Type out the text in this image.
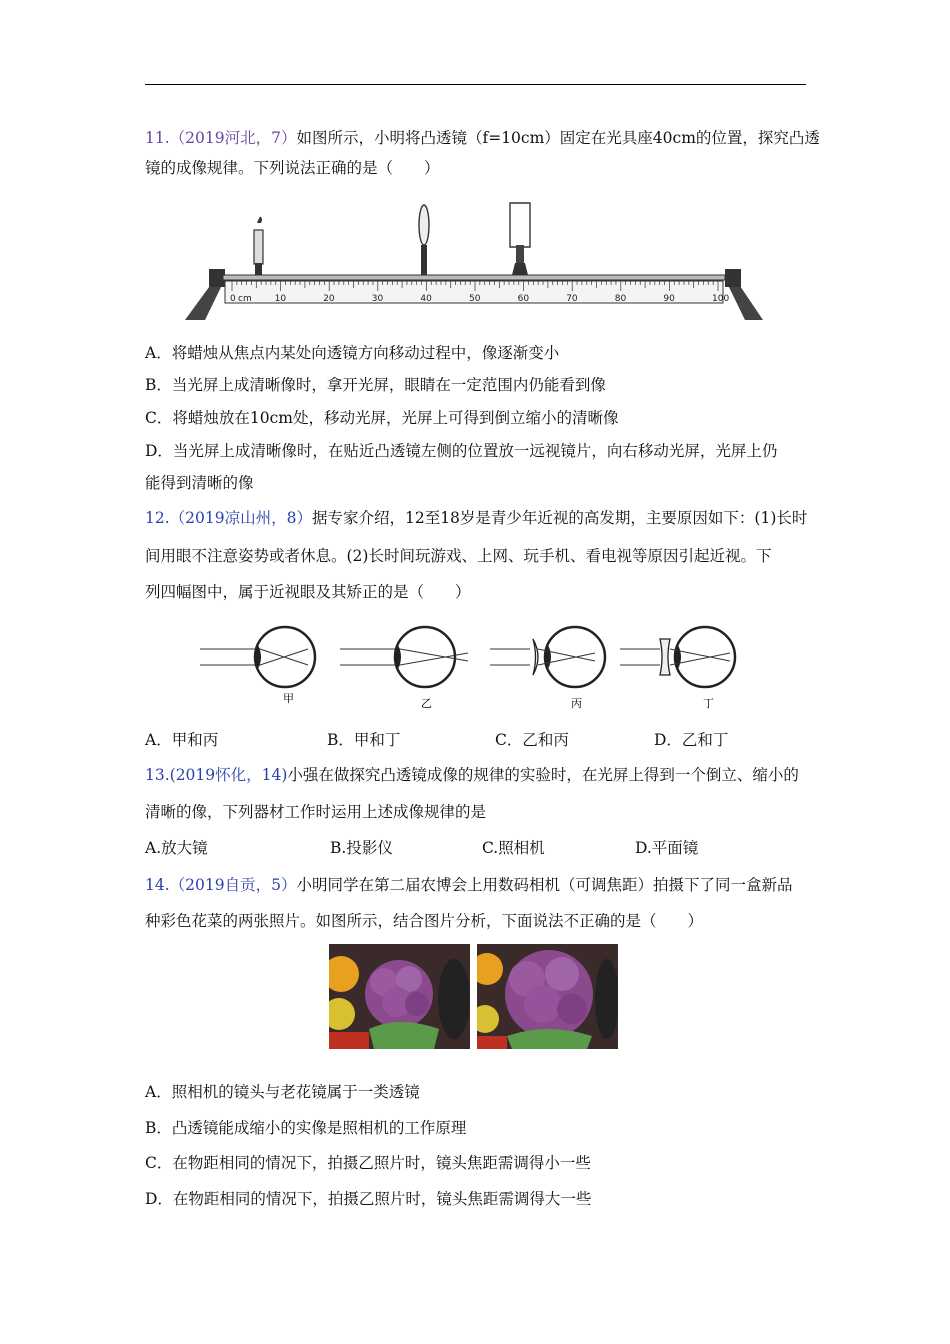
11.（2019河北，7）如图所示，小明将凸透镜（f=10cm）固定在光具座40cm的位置，探究凸透
镜的成像规律。下列说法正确的是（　　）
0	10	20	30	40	50	60	70	80	90	100
cm
A．将蜡烛从焦点内某处向透镜方向移动过程中，像逐渐变小
B．当光屏上成清晰像时，拿开光屏，眼睛在一定范围内仍能看到像
C．将蜡烛放在10cm处，移动光屏，光屏上可得到倒立缩小的清晰像
D．当光屏上成清晰像时，在贴近凸透镜左侧的位置放一远视镜片，向右移动光屏，光屏上仍
能得到清晰的像
12.（2019凉山州，8）据专家介绍，12至18岁是青少年近视的高发期，主要原因如下：(1)长时
间用眼不注意姿势或者休息。(2)长时间玩游戏、上网、玩手机、看电视等原因引起近视。下
列四幅图中，属于近视眼及其矫正的是（　　）
甲	乙	丙	丁
A．甲和丙	B．甲和丁	C．乙和丙	D．乙和丁
13.(2019怀化，14)小强在做探究凸透镜成像的规律的实验时，在光屏上得到一个倒立、缩小的
清晰的像，下列器材工作时运用上述成像规律的是
A.放大镜	B.投影仪	C.照相机	D.平面镜
14.（2019自贡，5）小明同学在第二届农博会上用数码相机（可调焦距）拍摄下了同一盒新品
种彩色花菜的两张照片。如图所示，结合图片分析，下面说法不正确的是（　　）
A．照相机的镜头与老花镜属于一类透镜
B．凸透镜能成缩小的实像是照相机的工作原理
C．在物距相同的情况下，拍摄乙照片时，镜头焦距需调得小一些
D．在物距相同的情况下，拍摄乙照片时，镜头焦距需调得大一些
